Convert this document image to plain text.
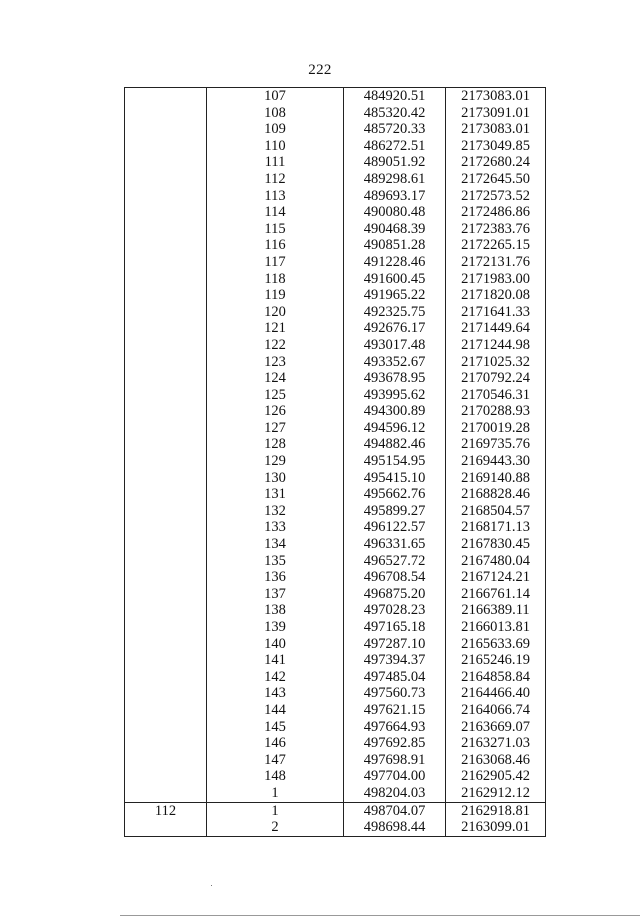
222
	107	484920.51	2173083.01
	108	485320.42	2173091.01
	109	485720.33	2173083.01
	110	486272.51	2173049.85
	111	489051.92	2172680.24
	112	489298.61	2172645.50
	113	489693.17	2172573.52
	114	490080.48	2172486.86
	115	490468.39	2172383.76
	116	490851.28	2172265.15
	117	491228.46	2172131.76
	118	491600.45	2171983.00
	119	491965.22	2171820.08
	120	492325.75	2171641.33
	121	492676.17	2171449.64
	122	493017.48	2171244.98
	123	493352.67	2171025.32
	124	493678.95	2170792.24
	125	493995.62	2170546.31
	126	494300.89	2170288.93
	127	494596.12	2170019.28
	128	494882.46	2169735.76
	129	495154.95	2169443.30
	130	495415.10	2169140.88
	131	495662.76	2168828.46
	132	495899.27	2168504.57
	133	496122.57	2168171.13
	134	496331.65	2167830.45
	135	496527.72	2167480.04
	136	496708.54	2167124.21
	137	496875.20	2166761.14
	138	497028.23	2166389.11
	139	497165.18	2166013.81
	140	497287.10	2165633.69
	141	497394.37	2165246.19
	142	497485.04	2164858.84
	143	497560.73	2164466.40
	144	497621.15	2164066.74
	145	497664.93	2163669.07
	146	497692.85	2163271.03
	147	497698.91	2163068.46
	148	497704.00	2162905.42
	1	498204.03	2162912.12
112	1	498704.07	2162918.81
	2	498698.44	2163099.01
